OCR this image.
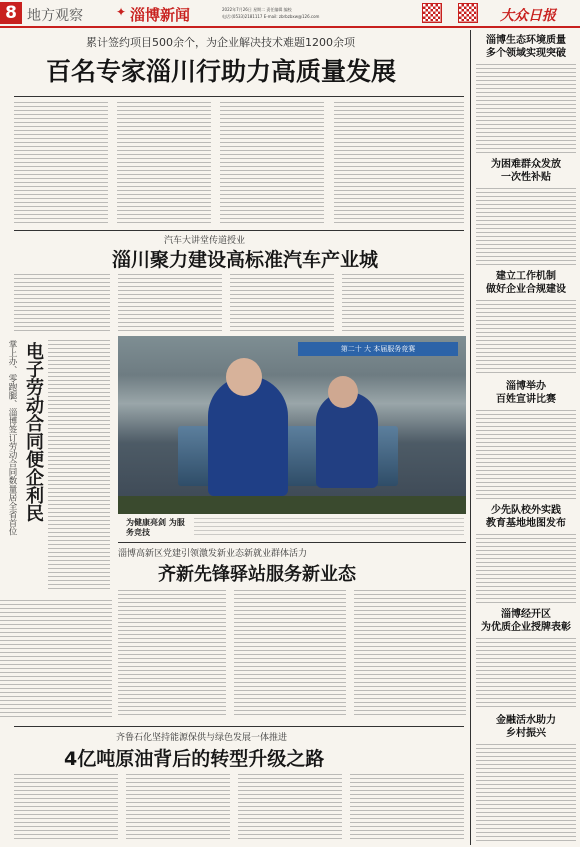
8 地方观察	✦ 淄博新闻	2022年7月26日 星期二 责任编辑 编校
电话:(0533)2181117 E-mail: zbrbzbxw@126.com	大众日报
累计签约项目500余个，为企业解决技术难题1200余项
百名专家淄川行助力高质量发展
汽车大讲堂传道授业
淄川聚力建设高标准汽车产业城
掌上办、零跑腿、淄博签订劳动合同数量居全省首位 电子劳动合同便企利民	第二十 大 本届服务竞赛
为健康亮剑 为服务竞技
淄博高新区党建引领激发新业态新就业群体活力
齐新先锋驿站服务新业态
齐鲁石化坚持能源保供与绿色发展一体推进
4亿吨原油背后的转型升级之路
淄博生态环境质量
多个领域实现突破
为困难群众发放
一次性补贴
建立工作机制
做好企业合规建设
淄博举办
百姓宣讲比赛
少先队校外实践
教育基地地图发布
淄博经开区
为优质企业授牌表彰
金融活水助力
乡村振兴
